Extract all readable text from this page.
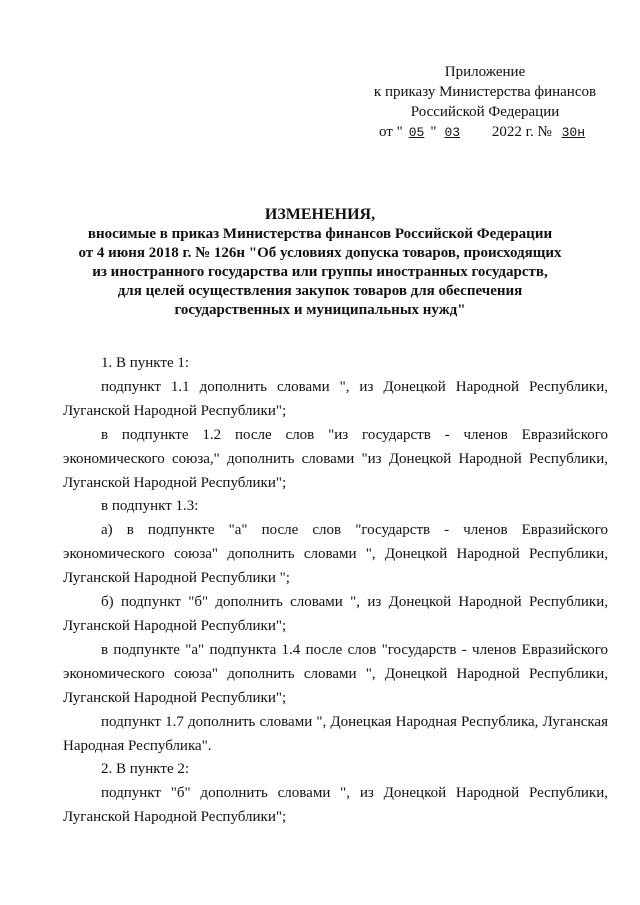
Приложение
к приказу Министерства финансов
Российской Федерации
от " 05 " 03 2022 г. № 30н
ИЗМЕНЕНИЯ,
вносимые в приказ Министерства финансов Российской Федерации
от 4 июня 2018 г. № 126н "Об условиях допуска товаров, происходящих
из иностранного государства или группы иностранных государств,
для целей осуществления закупок товаров для обеспечения
государственных и муниципальных нужд"

1. В пункте 1:

подпункт 1.1 дополнить словами ", из Донецкой Народной Республики, Луганской Народной Республики";

в подпункте 1.2 после слов "из государств - членов Евразийского экономического союза," дополнить словами "из Донецкой Народной Республики, Луганской Народной Республики";

в подпункт 1.3:

а) в подпункте "а" после слов "государств - членов Евразийского экономического союза" дополнить словами ", Донецкой Народной Республики, Луганской Народной Республики ";

б) подпункт "б" дополнить словами ", из Донецкой Народной Республики, Луганской Народной Республики";

в подпункте "а" подпункта 1.4 после слов "государств - членов Евразийского экономического союза" дополнить словами ", Донецкой Народной Республики, Луганской Народной Республики";

подпункт 1.7 дополнить словами ", Донецкая Народная Республика, Луганская Народная Республика".

2. В пункте 2:

подпункт "б" дополнить словами ", из Донецкой Народной Республики, Луганской Народной Республики";
